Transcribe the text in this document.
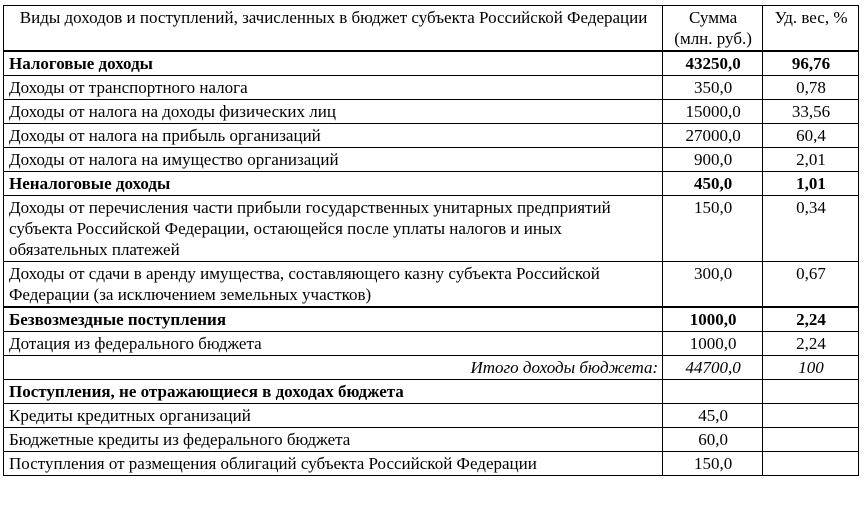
Виды доходов и поступлений, зачисленных в бюджет субъекта Российской Федерации	Сумма (млн. руб.)	Уд. вес, %
Налоговые доходы	43250,0	96,76
Доходы от транспортного налога	350,0	0,78
Доходы от налога на доходы физических лиц	15000,0	33,56
Доходы от налога на прибыль организаций	27000,0	60,4
Доходы от налога на имущество организаций	900,0	2,01
Неналоговые доходы	450,0	1,01
Доходы от перечисления части прибыли государственных унитарных предприятий субъекта Российской Федерации, остающейся после уплаты налогов и иных обязательных платежей	150,0	0,34
Доходы от сдачи в аренду имущества, составляющего казну субъекта Российской Федерации (за исключением земельных участков)	300,0	0,67
Безвозмездные поступления	1000,0	2,24
Дотация из федерального бюджета	1000,0	2,24
Итого доходы бюджета:	44700,0	100
Поступления, не отражающиеся в доходах бюджета		
Кредиты кредитных организаций	45,0	
Бюджетные кредиты из федерального бюджета	60,0	
Поступления от размещения облигаций субъекта Российской Федерации	150,0	
